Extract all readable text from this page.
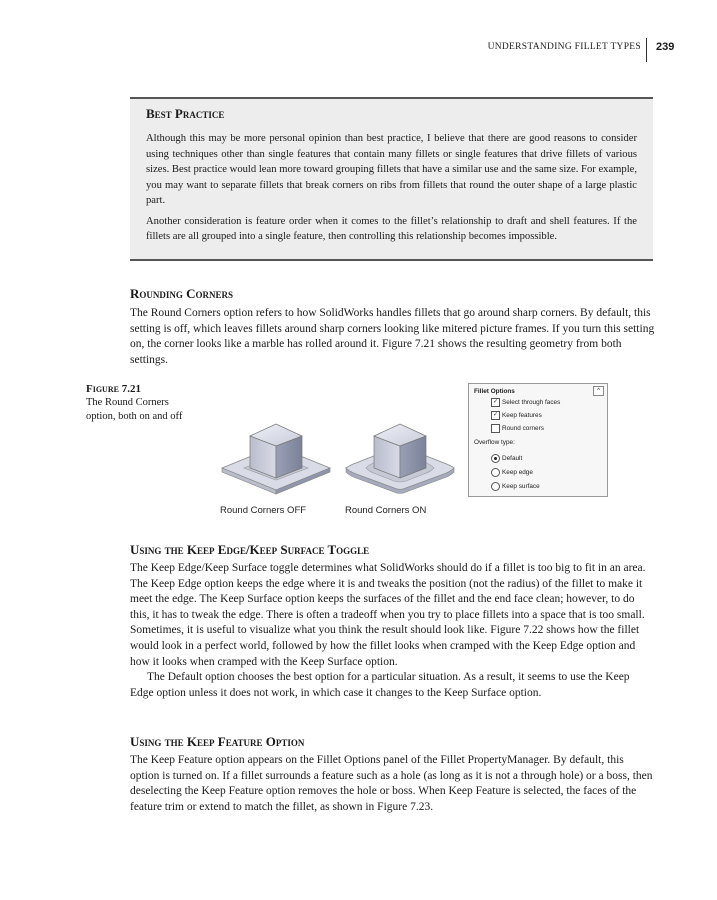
UNDERSTANDING FILLET TYPES 239
Best Practice

Although this may be more personal opinion than best practice, I believe that there are good reasons to consider using techniques other than single features that contain many fillets or single features that drive fillets of various sizes. Best practice would lean more toward grouping fillets that have a similar use and the same size. For example, you may want to separate fillets that break corners on ribs from fillets that round the outer shape of a large plastic part.

Another consideration is feature order when it comes to the fillet’s relationship to draft and shell features. If the fillets are all grouped into a single feature, then controlling this relationship becomes impossible.

Rounding Corners

The Round Corners option refers to how SolidWorks handles fillets that go around sharp corners. By default, this setting is off, which leaves fillets around sharp corners looking like mitered picture frames. If you turn this setting on, the corner looks like a marble has rolled around it. Figure 7.21 shows the resulting geometry from both settings.

Figure 7.21
The Round Corners option, both on and off
Round Corners OFF	Round Corners ON
Fillet Options	^
✓ Select through faces
✓ Keep features
Round corners
Overflow type:
Default
Keep edge
Keep surface
Using the Keep Edge/Keep Surface Toggle

The Keep Edge/Keep Surface toggle determines what SolidWorks should do if a fillet is too big to fit in an area. The Keep Edge option keeps the edge where it is and tweaks the position (not the radius) of the fillet to make it meet the edge. The Keep Surface option keeps the surfaces of the fillet and the end face clean; however, to do this, it has to tweak the edge. There is often a tradeoff when you try to place fillets into a space that is too small. Sometimes, it is useful to visualize what you think the result should look like. Figure 7.22 shows how the fillet would look in a perfect world, followed by how the fillet looks when cramped with the Keep Edge option and how it looks when cramped with the Keep Surface option.

The Default option chooses the best option for a particular situation. As a result, it seems to use the Keep Edge option unless it does not work, in which case it changes to the Keep Surface option.

Using the Keep Feature Option

The Keep Feature option appears on the Fillet Options panel of the Fillet PropertyManager. By default, this option is turned on. If a fillet surrounds a feature such as a hole (as long as it is not a through hole) or a boss, then deselecting the Keep Feature option removes the hole or boss. When Keep Feature is selected, the faces of the feature trim or extend to match the fillet, as shown in Figure 7.23.
